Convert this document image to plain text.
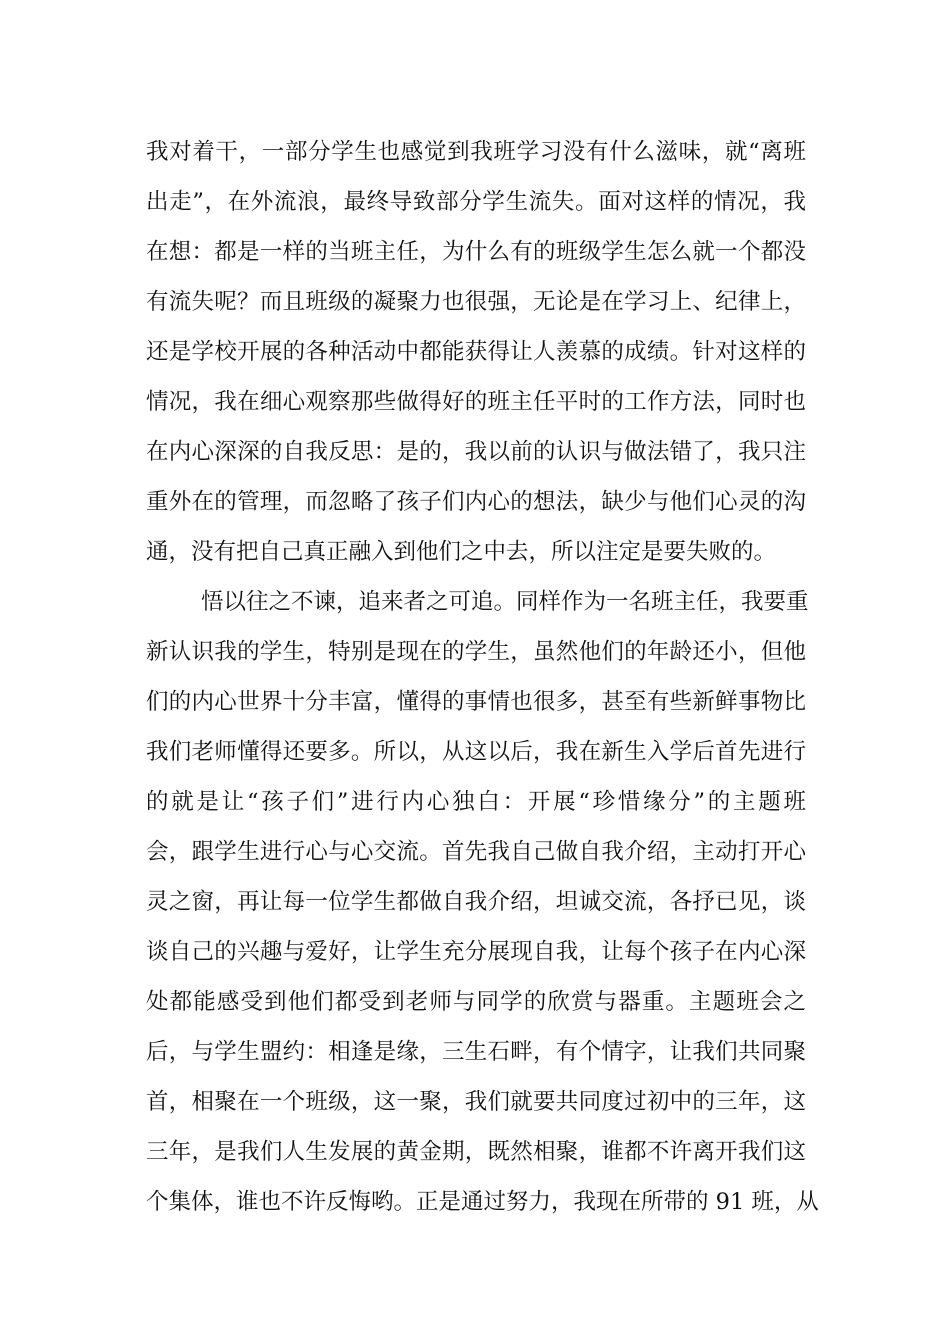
我对着干，一部分学生也感觉到我班学习没有什么滋味，就“离班
出走”，在外流浪，最终导致部分学生流失。面对这样的情况，我
在想：都是一样的当班主任，为什么有的班级学生怎么就一个都没
有流失呢？而且班级的凝聚力也很强，无论是在学习上、纪律上，
还是学校开展的各种活动中都能获得让人羡慕的成绩。针对这样的
情况，我在细心观察那些做得好的班主任平时的工作方法，同时也
在内心深深的自我反思：是的，我以前的认识与做法错了，我只注
重外在的管理，而忽略了孩子们内心的想法，缺少与他们心灵的沟
通，没有把自己真正融入到他们之中去，所以注定是要失败的。
悟以往之不谏，追来者之可追。同样作为一名班主任，我要重
新认识我的学生，特别是现在的学生，虽然他们的年龄还小，但他
们的内心世界十分丰富，懂得的事情也很多，甚至有些新鲜事物比
我们老师懂得还要多。所以，从这以后，我在新生入学后首先进行
的就是让“孩子们”进行内心独白：开展“珍惜缘分”的主题班
会，跟学生进行心与心交流。首先我自己做自我介绍，主动打开心
灵之窗，再让每一位学生都做自我介绍，坦诚交流，各抒已见，谈
谈自己的兴趣与爱好，让学生充分展现自我，让每个孩子在内心深
处都能感受到他们都受到老师与同学的欣赏与器重。主题班会之
后，与学生盟约：相逢是缘，三生石畔，有个情字，让我们共同聚
首，相聚在一个班级，这一聚，我们就要共同度过初中的三年，这
三年，是我们人生发展的黄金期，既然相聚，谁都不许离开我们这
个集体，谁也不许反悔哟。正是通过努力，我现在所带的 91 班，从
